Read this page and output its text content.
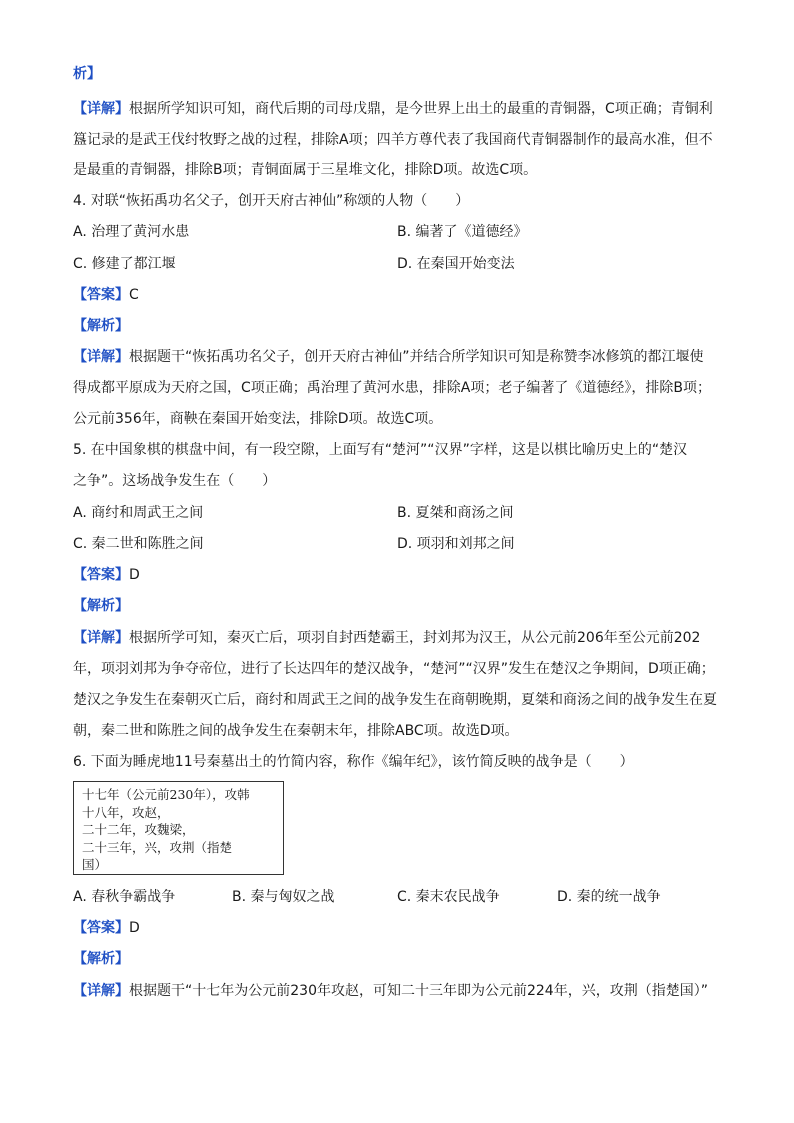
析】
【详解】根据所学知识可知，商代后期的司母戊鼎，是今世界上出土的最重的青铜器，C项正确；青铜利
簋记录的是武王伐纣牧野之战的过程，排除A项；四羊方尊代表了我国商代青铜器制作的最高水准，但不
是最重的青铜器，排除B项；青铜面属于三星堆文化，排除D项。故选C项。
4. 对联“恢拓禹功名父子，创开天府古神仙”称颂的人物（　　）
A. 治理了黄河水患	B. 编著了《道德经》
C. 修建了都江堰	D. 在秦国开始变法
【答案】C
【解析】
【详解】根据题干“恢拓禹功名父子，创开天府古神仙”并结合所学知识可知是称赞李冰修筑的都江堰使
得成都平原成为天府之国，C项正确；禹治理了黄河水患，排除A项；老子编著了《道德经》，排除B项；
公元前356年，商鞅在秦国开始变法，排除D项。故选C项。
5. 在中国象棋的棋盘中间，有一段空隙，上面写有“楚河”“汉界”字样，这是以棋比喻历史上的“楚汉
之争”。这场战争发生在（　　）
A. 商纣和周武王之间	B. 夏桀和商汤之间
C. 秦二世和陈胜之间	D. 项羽和刘邦之间
【答案】D
【解析】
【详解】根据所学可知，秦灭亡后，项羽自封西楚霸王，封刘邦为汉王，从公元前206年至公元前202
年，项羽刘邦为争夺帝位，进行了长达四年的楚汉战争，“楚河”“汉界”发生在楚汉之争期间，D项正确；
楚汉之争发生在秦朝灭亡后，商纣和周武王之间的战争发生在商朝晚期，夏桀和商汤之间的战争发生在夏
朝，秦二世和陈胜之间的战争发生在秦朝末年，排除ABC项。故选D项。
6. 下面为睡虎地11号秦墓出土的竹简内容，称作《编年纪》，该竹简反映的战争是（　　）
十七年（公元前230年），攻韩
十八年，攻赵，
二十二年，攻魏梁，
二十三年，兴，攻荆（指楚
国）
A. 春秋争霸战争	B. 秦与匈奴之战	C. 秦末农民战争	D. 秦的统一战争
【答案】D
【解析】
【详解】根据题干“十七年为公元前230年攻赵，可知二十三年即为公元前224年，兴，攻荆（指楚国）”
